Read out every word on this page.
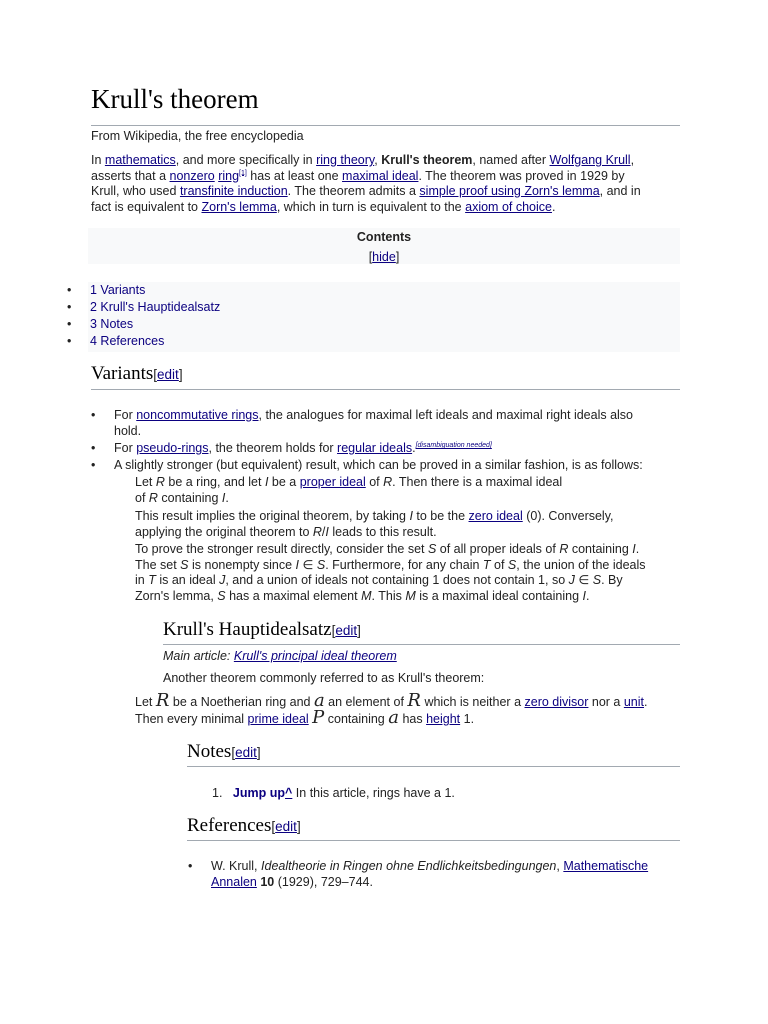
Krull's theorem
From Wikipedia, the free encyclopedia
In mathematics, and more specifically in ring theory, Krull's theorem, named after Wolfgang Krull,
asserts that a nonzero ring[1] has at least one maximal ideal. The theorem was proved in 1929 by
Krull, who used transfinite induction. The theorem admits a simple proof using Zorn's lemma, and in
fact is equivalent to Zorn's lemma, which in turn is equivalent to the axiom of choice.
Contents
[hide]
• 1 Variants
• 2 Krull's Hauptidealsatz
• 3 Notes
• 4 References
Variants[edit]
• For noncommutative rings, the analogues for maximal left ideals and maximal right ideals also
hold.
• For pseudo-rings, the theorem holds for regular ideals.[disambiguation needed]
• A slightly stronger (but equivalent) result, which can be proved in a similar fashion, is as follows:
Let R be a ring, and let I be a proper ideal of R. Then there is a maximal ideal
of R containing I.
This result implies the original theorem, by taking I to be the zero ideal (0). Conversely,
applying the original theorem to R/I leads to this result.
To prove the stronger result directly, consider the set S of all proper ideals of R containing I.
The set S is nonempty since I ∈ S. Furthermore, for any chain T of S, the union of the ideals
in T is an ideal J, and a union of ideals not containing 1 does not contain 1, so J ∈ S. By
Zorn's lemma, S has a maximal element M. This M is a maximal ideal containing I.
Krull's Hauptidealsatz[edit]
Main article: Krull's principal ideal theorem
Another theorem commonly referred to as Krull's theorem:
Let R be a Noetherian ring and a an element of R which is neither a zero divisor nor a unit.
Then every minimal prime ideal P containing a has height 1.
Notes[edit]
1. Jump up^ In this article, rings have a 1.
References[edit]
• W. Krull, Idealtheorie in Ringen ohne Endlichkeitsbedingungen, Mathematische
Annalen 10 (1929), 729–744.
